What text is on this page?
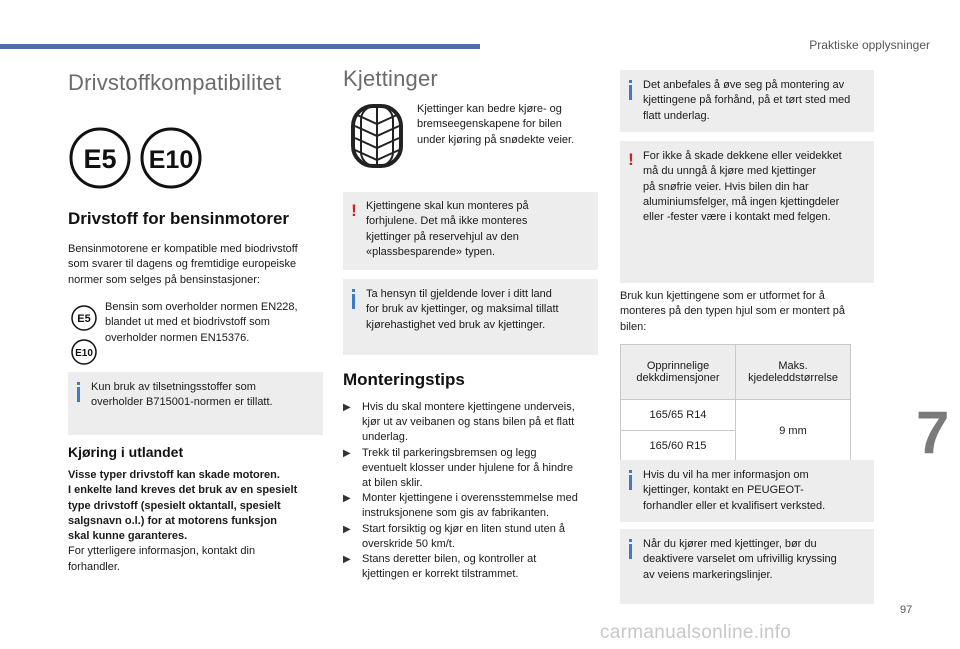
Praktiske opplysninger
Drivstoffkompatibilitet
E5 E10
Drivstoff for bensinmotorer

Bensinmotorene er kompatible med biodrivstoff

som svarer til dagens og fremtidige europeiske

normer som selges på bensinstasjoner:

E5
E10

Bensin som overholder normen EN228,

blandet ut med et biodrivstoff som

overholder normen EN15376.

Kun bruk av tilsetningsstoffer som

overholder B715001-normen er tillatt.

Kjøring i utlandet

Visse typer drivstoff kan skade motoren.

I enkelte land kreves det bruk av en spesielt

type drivstoff (spesielt oktantall, spesielt

salgsnavn o.l.) for at motorens funksjon

skal kunne garanteres.

For ytterligere informasjon, kontakt din

forhandler.

Kjettinger

Kjettinger kan bedre kjøre- og

bremseegenskapene for bilen

under kjøring på snødekte veier.

! Kjettingene skal kun monteres på

forhjulene. Det må ikke monteres

kjettinger på reservehjul av den

«plassbesparende» typen.

Ta hensyn til gjeldende lover i ditt land

for bruk av kjettinger, og maksimal tillatt

kjørehastighet ved bruk av kjettinger.

Monteringstips
▶ Hvis du skal montere kjettingene underveis,
kjør ut av veibanen og stans bilen på et flatt
underlag.
▶ Trekk til parkeringsbremsen og legg
eventuelt klosser under hjulene for å hindre
at bilen sklir.
▶ Monter kjettingene i overensstemmelse med
instruksjonene som gis av fabrikanten.
▶ Start forsiktig og kjør en liten stund uten å
overskride 50 km/t.
▶ Stans deretter bilen, og kontroller at
kjettingen er korrekt tilstrammet.

Det anbefales å øve seg på montering av

kjettingene på forhånd, på et tørt sted med

flatt underlag.

! For ikke å skade dekkene eller veidekket

må du unngå å kjøre med kjettinger

på snøfrie veier. Hvis bilen din har

aluminiumsfelger, må ingen kjettingdeler

eller -fester være i kontakt med felgen.

Bruk kun kjettingene som er utformet for å

monteres på den typen hjul som er montert på

bilen:

Opprinnelige
dekkdimensjoner	Maks.
kjedeleddstørrelse
165/65 R14	9 mm
165/60 R15	

Hvis du vil ha mer informasjon om

kjettinger, kontakt en PEUGEOT-

forhandler eller et kvalifisert verksted.

Når du kjører med kjettinger, bør du

deaktivere varselet om ufrivillig kryssing

av veiens markeringslinjer.

7
97
carmanualsonline.info
